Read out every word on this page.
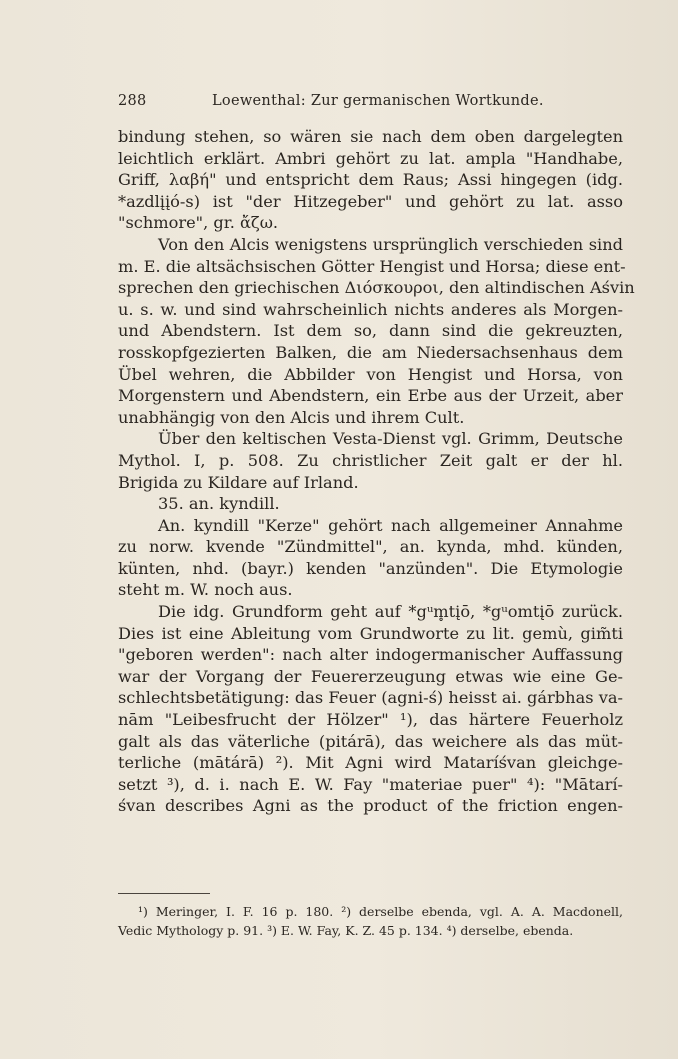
288	Loewenthal: Zur germanischen Wortkunde.
bindung stehen, so wären sie nach dem oben dargelegten
leichtlich erklärt. Ambri gehört zu lat. ampla "Handhabe,
Griff, λαβή" und entspricht dem Raus; Assi hingegen (idg.
*azdlįįó-s) ist "der Hitzegeber" und gehört zu lat. asso
"schmore", gr. ἄζω.
Von den Alcis wenigstens ursprünglich verschieden sind
m. E. die altsächsischen Götter Hengist und Horsa; diese ent-
sprechen den griechischen Διόσκουροι, den altindischen Aśvin
u. s. w. und sind wahrscheinlich nichts anderes als Morgen-
und Abendstern. Ist dem so, dann sind die gekreuzten,
rosskopfgezierten Balken, die am Niedersachsenhaus dem
Übel wehren, die Abbilder von Hengist und Horsa, von
Morgenstern und Abendstern, ein Erbe aus der Urzeit, aber
unabhängig von den Alcis und ihrem Cult.
Über den keltischen Vesta-Dienst vgl. Grimm, Deutsche
Mythol. I, p. 508. Zu christlicher Zeit galt er der hl.
Brigida zu Kildare auf Irland.
35. an. kyndill.
An. kyndill "Kerze" gehört nach allgemeiner Annahme
zu norw. kvende "Zündmittel", an. kynda, mhd. künden,
künten, nhd. (bayr.) kenden "anzünden". Die Etymologie
steht m. W. noch aus.
Die idg. Grundform geht auf *gᵘm̥tįō, *gᵘomtįō zurück.
Dies ist eine Ableitung vom Grundworte zu lit. gemù, gim̃ti
"geboren werden": nach alter indogermanischer Auffassung
war der Vorgang der Feuererzeugung etwas wie eine Ge-
schlechtsbetätigung: das Feuer (agni-ś) heisst ai. gárbhas va-
nām "Leibesfrucht der Hölzer" ¹), das härtere Feuerholz
galt als das väterliche (pitárā), das weichere als das müt-
terliche (mātárā) ²). Mit Agni wird Mataríśvan gleichge-
setzt ³), d. i. nach E. W. Fay "materiae puer" ⁴): "Mātarí-
śvan describes Agni as the product of the friction engen-
¹) Meringer, I. F. 16 p. 180. ²) derselbe ebenda, vgl. A. A. Macdonell,
Vedic Mythology p. 91. ³) E. W. Fay, K. Z. 45 p. 134. ⁴) derselbe, ebenda.
